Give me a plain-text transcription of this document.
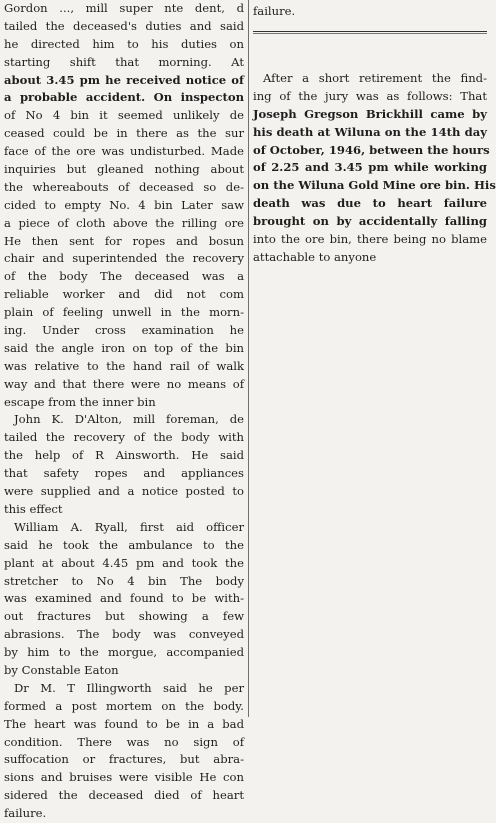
Gordon ..., mill super nte dent, d
tailed the deceased's duties and said
he directed him to his duties on
starting shift that morning. At
about 3.45 pm he received notice of
a probable accident. On inspecton
of No 4 bin it seemed unlikely de
ceased could be in there as the sur
face of the ore was undisturbed. Made
inquiries but gleaned nothing about
the whereabouts of deceased so de-
cided to empty No. 4 bin Later saw
a piece of cloth above the rilling ore
He then sent for ropes and bosun
chair and superintended the recovery
of the body The deceased was a
reliable worker and did not com
plain of feeling unwell in the morn-
ing. Under cross examination he
said the angle iron on top of the bin
was relative to the hand rail of walk
way and that there were no means of
escape from the inner bin
John K. D'Alton, mill foreman, de
tailed the recovery of the body with
the help of R Ainsworth. He said
that safety ropes and appliances
were supplied and a notice posted to
this effect
William A. Ryall, first aid officer
said he took the ambulance to the
plant at about 4.45 pm and took the
stretcher to No 4 bin The body
was examined and found to be with-
out fractures but showing a few
abrasions. The body was conveyed
by him to the morgue, accompanied
by Constable Eaton
Dr M. T Illingworth said he per
formed a post mortem on the body.
The heart was found to be in a bad
condition. There was no sign of
suffocation or fractures, but abra-
sions and bruises were visible He con
sidered the deceased died of heart
failure.
failure.
After a short retirement the find-
ing of the jury was as follows: That
Joseph Gregson Brickhill came by
his death at Wiluna on the 14th day
of October, 1946, between the hours
of 2.25 and 3.45 pm while working
on the Wiluna Gold Mine ore bin. His
death was due to heart failure
brought on by accidentally falling
into the ore bin, there being no blame
attachable to anyone
